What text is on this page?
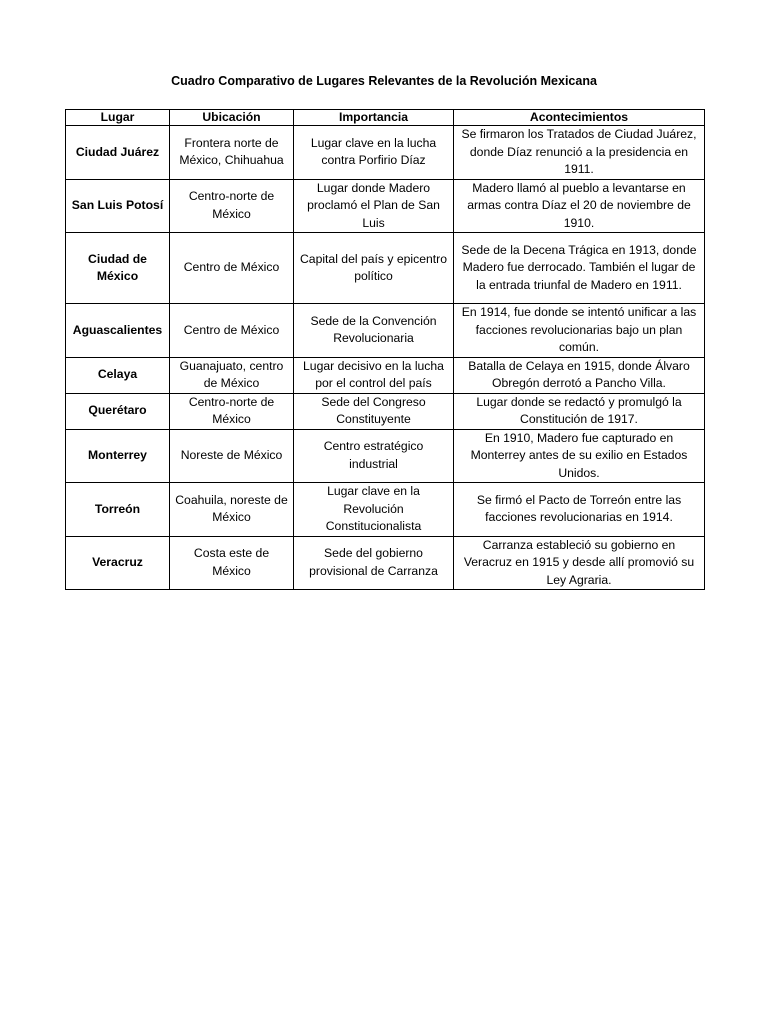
Cuadro Comparativo de Lugares Relevantes de la Revolución Mexicana
Lugar	Ubicación	Importancia	Acontecimientos
Ciudad Juárez	Frontera norte de México, Chihuahua	Lugar clave en la lucha contra Porfirio Díaz	Se firmaron los Tratados de Ciudad Juárez, donde Díaz renunció a la presidencia en 1911.
San Luis Potosí	Centro-norte de México	Lugar donde Madero proclamó el Plan de San Luis	Madero llamó al pueblo a levantarse en armas contra Díaz el 20 de noviembre de 1910.
Ciudad de México	Centro de México	Capital del país y epicentro político	Sede de la Decena Trágica en 1913, donde Madero fue derrocado. También el lugar de la entrada triunfal de Madero en 1911.
Aguascalientes	Centro de México	Sede de la Convención Revolucionaria	En 1914, fue donde se intentó unificar a las facciones revolucionarias bajo un plan común.
Celaya	Guanajuato, centro de México	Lugar decisivo en la lucha por el control del país	Batalla de Celaya en 1915, donde Álvaro Obregón derrotó a Pancho Villa.
Querétaro	Centro-norte de México	Sede del Congreso Constituyente	Lugar donde se redactó y promulgó la Constitución de 1917.
Monterrey	Noreste de México	Centro estratégico industrial	En 1910, Madero fue capturado en Monterrey antes de su exilio en Estados Unidos.
Torreón	Coahuila, noreste de México	Lugar clave en la Revolución Constitucionalista	Se firmó el Pacto de Torreón entre las facciones revolucionarias en 1914.
Veracruz	Costa este de México	Sede del gobierno provisional de Carranza	Carranza estableció su gobierno en Veracruz en 1915 y desde allí promovió su Ley Agraria.
